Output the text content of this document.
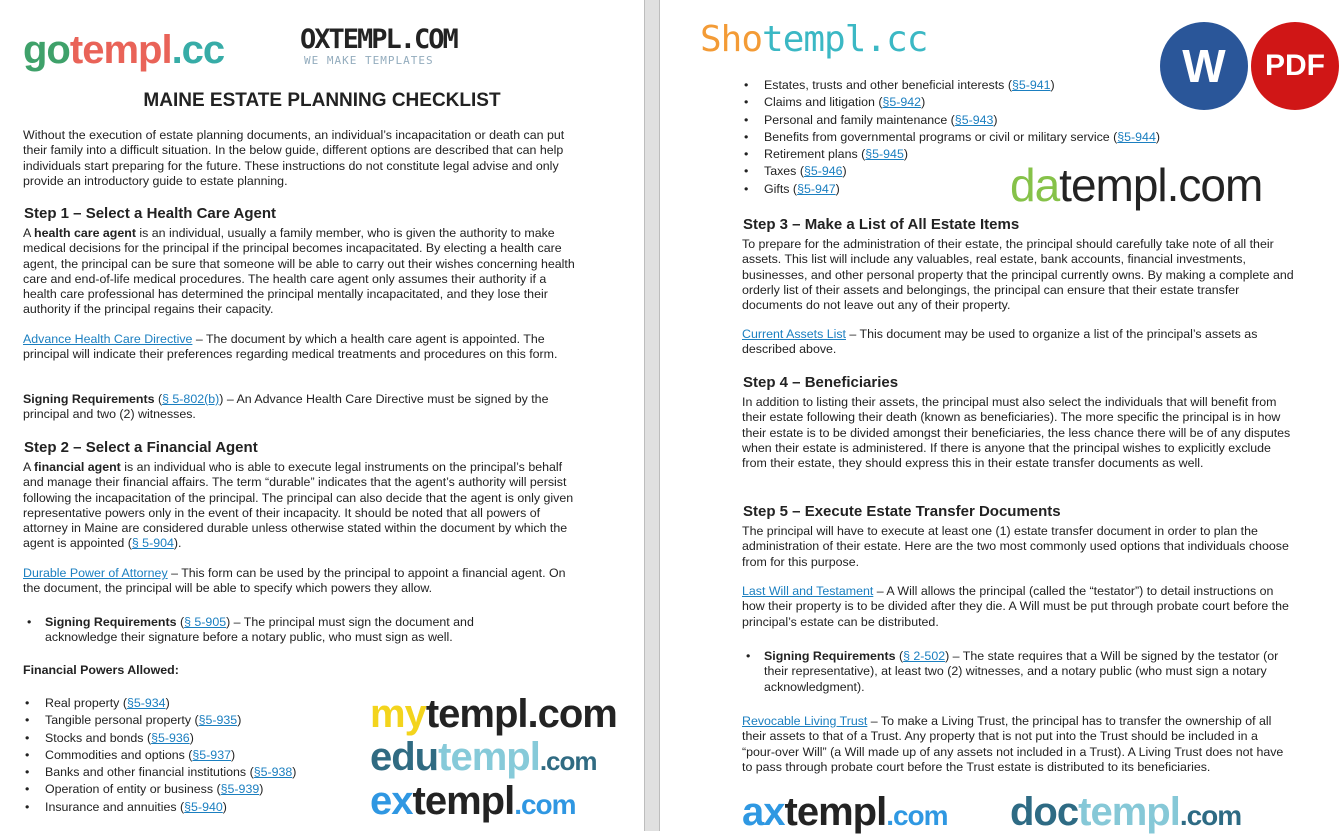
MAINE ESTATE PLANNING CHECKLIST
Without the execution of estate planning documents, an individual’s incapacitation or death can put their family into a difficult situation. In the below guide, different options are described that can help individuals start preparing for the future. These instructions do not constitute legal advise and only provide an introductory guide to estate planning.
Step 1 – Select a Health Care Agent
A health care agent is an individual, usually a family member, who is given the authority to make medical decisions for the principal if the principal becomes incapacitated. By electing a health care agent, the principal can be sure that someone will be able to carry out their wishes concerning health care and end-of-life medical procedures. The health care agent only assumes their authority if a health care professional has determined the principal mentally incapacitated, and they lose their authority if the principal regains their capacity.
Advance Health Care Directive – The document by which a health care agent is appointed. The principal will indicate their preferences regarding medical treatments and procedures on this form.
Signing Requirements (§ 5-802(b)) – An Advance Health Care Directive must be signed by the principal and two (2) witnesses.
Step 2 – Select a Financial Agent
A financial agent is an individual who is able to execute legal instruments on the principal’s behalf and manage their financial affairs. The term “durable” indicates that the agent’s authority will persist following the incapacitation of the principal. The principal can also decide that the agent is only given representative powers only in the event of their incapacity. It should be noted that all powers of attorney in Maine are considered durable unless otherwise stated within the document by which the agent is appointed (§ 5-904).
Durable Power of Attorney – This form can be used by the principal to appoint a financial agent. On the document, the principal will be able to specify which powers they allow.
• Signing Requirements (§ 5-905) – The principal must sign the document and acknowledge their signature before a notary public, who must sign as well.
Financial Powers Allowed:
• Real property (§5-934)
• Tangible personal property (§5-935)
• Stocks and bonds (§5-936)
• Commodities and options (§5-937)
• Banks and other financial institutions (§5-938)
• Operation of entity or business (§5-939)
• Insurance and annuities (§5-940)
• Estates, trusts and other beneficial interests (§5-941)
• Claims and litigation (§5-942)
• Personal and family maintenance (§5-943)
• Benefits from governmental programs or civil or military service (§5-944)
• Retirement plans (§5-945)
• Taxes (§5-946)
• Gifts (§5-947)
Step 3 – Make a List of All Estate Items
To prepare for the administration of their estate, the principal should carefully take note of all their assets. This list will include any valuables, real estate, bank accounts, financial investments, businesses, and other personal property that the principal currently owns. By making a complete and orderly list of their assets and belongings, the principal can ensure that their estate transfer documents do not leave out any of their property.
Current Assets List – This document may be used to organize a list of the principal’s assets as described above.
Step 4 – Beneficiaries
In addition to listing their assets, the principal must also select the individuals that will benefit from their estate following their death (known as beneficiaries). The more specific the principal is in how their estate is to be divided amongst their beneficiaries, the less chance there will be of any disputes when their estate is administered. If there is anyone that the principal wishes to explicitly exclude from their estate, they should express this in their estate transfer documents as well.
Step 5 – Execute Estate Transfer Documents
The principal will have to execute at least one (1) estate transfer document in order to plan the administration of their estate. Here are the two most commonly used options that individuals choose from for this purpose.
Last Will and Testament – A Will allows the principal (called the “testator”) to detail instructions on how their property is to be divided after they die. A Will must be put through probate court before the principal’s estate can be distributed.
• Signing Requirements (§ 2-502) – The state requires that a Will be signed by the testator (or their representative), at least two (2) witnesses, and a notary public (who must sign a notary acknowledgment).
Revocable Living Trust – To make a Living Trust, the principal has to transfer the ownership of all their assets to that of a Trust. Any property that is not put into the Trust should be included in a “pour-over Will” (a Will made up of any assets not included in a Trust). A Living Trust does not have to pass through probate court before the Trust estate is distributed to its beneficiaries.
W	PDF
gotempl.cc	OXTEMPL.COM
WE MAKE TEMPLATES
mytempl.com
edutempl.com
extempl.com
Shotempl.cc
datempl.com
doctempl.com
axtempl.com
